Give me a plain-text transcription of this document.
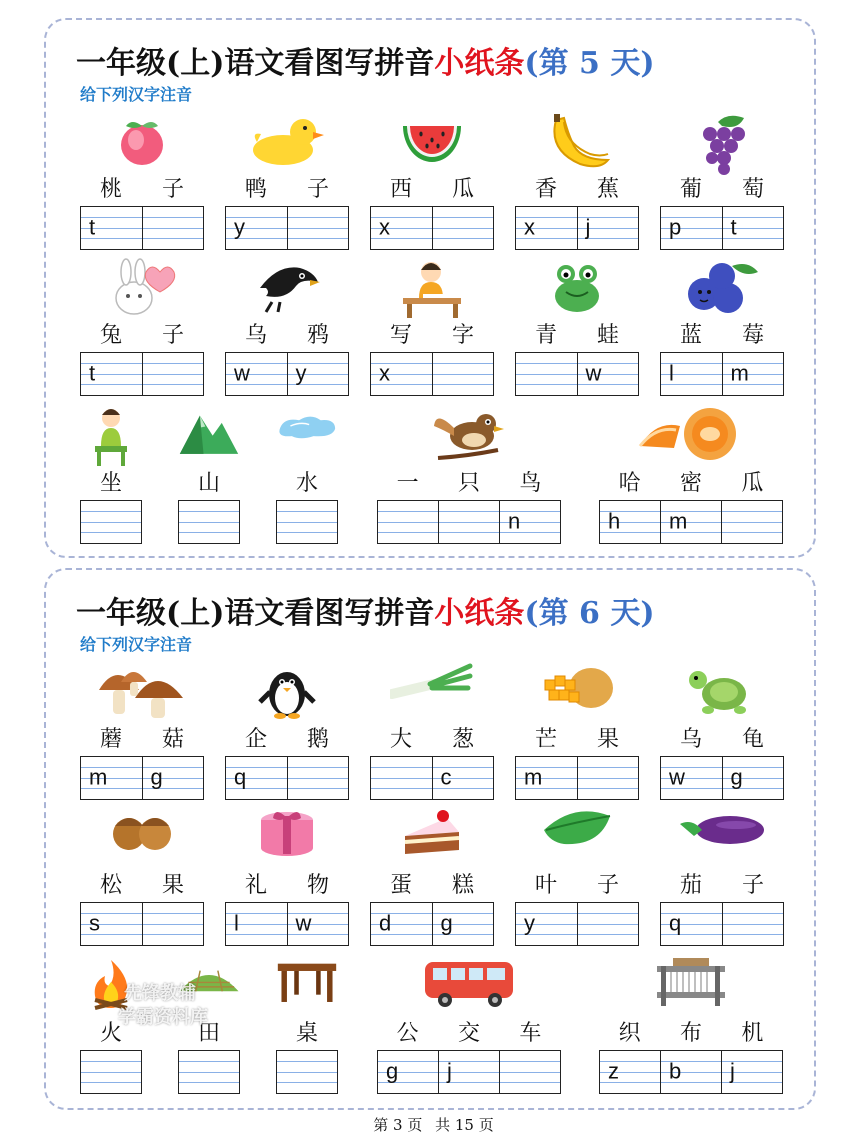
一年级(上)语文看图写拼音小纸条(第 5 天)
给下列汉字注音
桃 子
t
鸭 子
y
西 瓜
x
香 蕉
x j
葡 萄
p t
兔 子
t
乌 鸦
w y
写 字
x
青 蛙
w
蓝 莓
l	m
坐	山	水	一 只 鸟
n
哈 密 瓜
h m
一年级(上)语文看图写拼音小纸条(第 6 天)
给下列汉字注音
蘑 菇
m g
企 鹅
q
大 葱
c
芒 果
m
乌 龟
w g
松 果
s
礼 物
l	w
蛋 糕
d g
叶 子
y
茄 子
q
火	田	桌	公 交 车
g j
织 布 机
z b j
先锋教辅
学霸资料库
第 3 页 共 15 页
